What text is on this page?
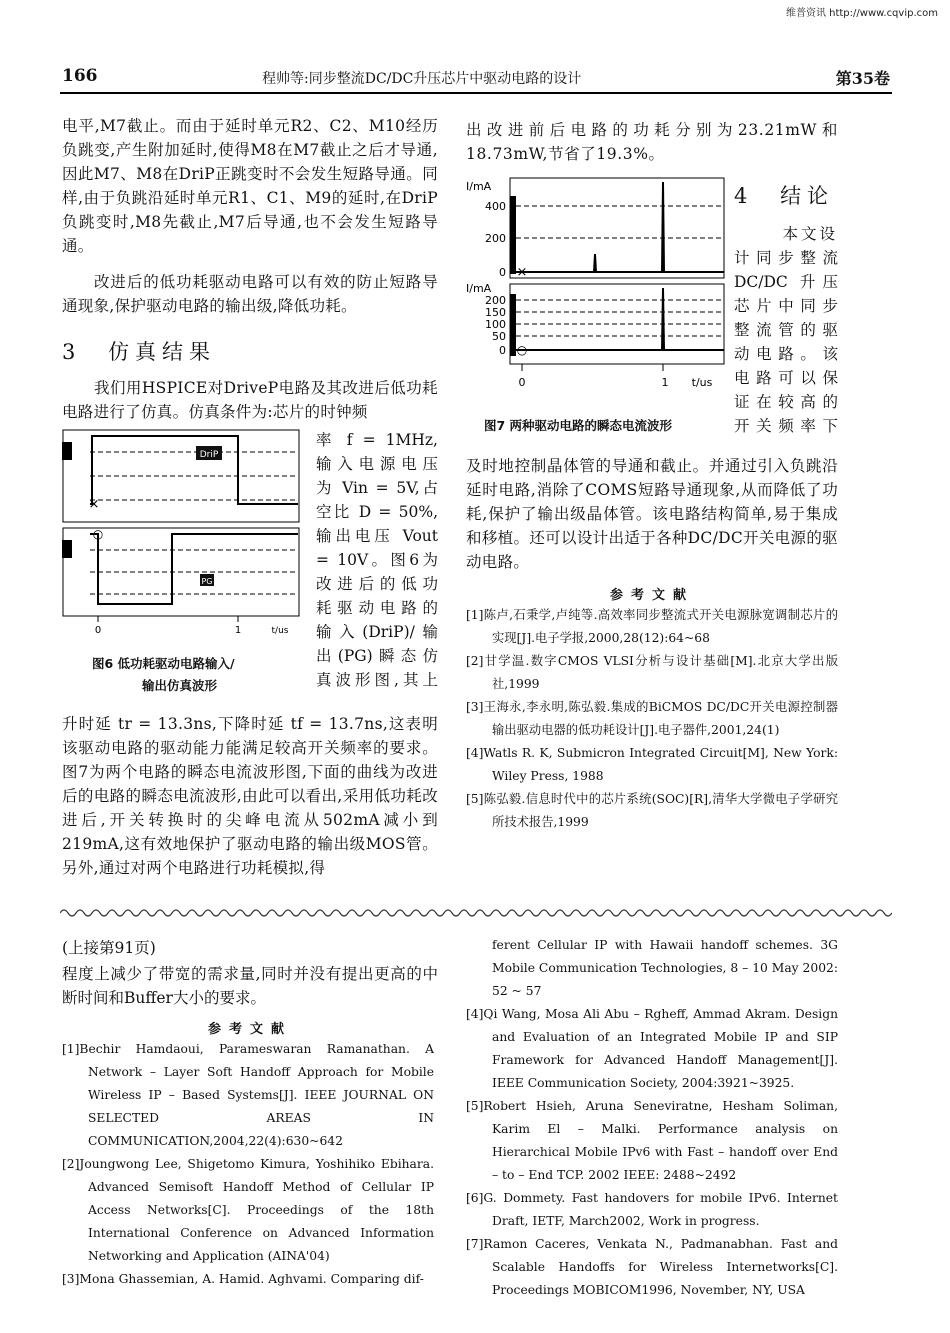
维普资讯 http://www.cqvip.com
166	程帅等:同步整流DC/DC升压芯片中驱动电路的设计	第35卷

电平,M7截止。而由于延时单元R2、C2、M10经历负跳变,产生附加延时,使得M8在M7截止之后才导通,因此M7、M8在DriP正跳变时不会发生短路导通。同样,由于负跳沿延时单元R1、C1、M9的延时,在DriP负跳变时,M8先截止,M7后导通,也不会发生短路导通。

改进后的低功耗驱动电路可以有效的防止短路导通现象,保护驱动电路的输出级,降低功耗。

3 仿真结果

我们用HSPICE对DriveP电路及其改进后低功耗电路进行了仿真。仿真条件为:芯片的时钟频

DriP
×
PG
○
0	1	t/us
图6 低功耗驱动电路输入/
输出仿真波形
率 f = 1MHz,
输入电源电压
为 Vin = 5V,占
空比 D = 50%,
输出电压 Vout
= 10V。图6为
改进后的低功
耗驱动电路的
输入(DriP)/输
出(PG)瞬态仿
真波形图,其上

升时延 tr = 13.3ns,下降时延 tf = 13.7ns,这表明该驱动电路的驱动能力能满足较高开关频率的要求。图7为两个电路的瞬态电流波形图,下面的曲线为改进后的电路的瞬态电流波形,由此可以看出,采用低功耗改进后,开关转换时的尖峰电流从502mA减小到219mA,这有效地保护了驱动电路的输出级MOS管。另外,通过对两个电路进行功耗模拟,得

出改进前后电路的功耗分别为23.21mW和18.73mW,节省了19.3%。

I/mA
400
200
0 ×
I/mA
200
150
100
50
0 ○
0	1 t/us
图7 两种驱动电路的瞬态电流波形
4 结论
本文设
计同步整流
DC/DC 升压
芯片中同步
整流管的驱
动电路。该
电路可以保
证在较高的
开关频率下

及时地控制晶体管的导通和截止。并通过引入负跳沿延时电路,消除了COMS短路导通现象,从而降低了功耗,保护了输出级晶体管。该电路结构简单,易于集成和移植。还可以设计出适于各种DC/DC开关电源的驱动电路。

参考文献

[1]陈卢,石秉学,卢纯等.高效率同步整流式开关电源脉宽调制芯片的实现[J].电子学报,2000,28(12):64~68

[2]甘学温.数字CMOS VLSI分析与设计基础[M].北京大学出版社,1999

[3]王海永,李永明,陈弘毅.集成的BiCMOS DC/DC开关电源控制器输出驱动电器的低功耗设计[J].电子器件,2001,24(1)

[4]Watls R. K, Submicron Integrated Circuit[M], New York: Wiley Press, 1988

[5]陈弘毅.信息时代中的芯片系统(SOC)[R],清华大学微电子学研究所技术报告,1999

(上接第91页)

程度上减少了带宽的需求量,同时并没有提出更高的中断时间和Buffer大小的要求。

参考文献

[1]Bechir Hamdaoui, Parameswaran Ramanathan. A Network – Layer Soft Handoff Approach for Mobile Wireless IP – Based Systems[J]. IEEE JOURNAL ON SELECTED AREAS IN COMMUNICATION,2004,22(4):630~642

[2]Joungwong Lee, Shigetomo Kimura, Yoshihiko Ebihara. Advanced Semisoft Handoff Method of Cellular IP Access Networks[C]. Proceedings of the 18th International Conference on Advanced Information Networking and Application (AINA'04)

[3]Mona Ghassemian, A. Hamid. Aghvami. Comparing dif-

ferent Cellular IP with Hawaii handoff schemes. 3G Mobile Communication Technologies, 8 – 10 May 2002: 52 ~ 57

[4]Qi Wang, Mosa Ali Abu – Rgheff, Ammad Akram. Design and Evaluation of an Integrated Mobile IP and SIP Framework for Advanced Handoff Management[J]. IEEE Communication Society, 2004:3921~3925.

[5]Robert Hsieh, Aruna Seneviratne, Hesham Soliman, Karim El – Malki. Performance analysis on Hierarchical Mobile IPv6 with Fast – handoff over End – to – End TCP. 2002 IEEE: 2488~2492

[6]G. Dommety. Fast handovers for mobile IPv6. Internet Draft, IETF, March2002, Work in progress.

[7]Ramon Caceres, Venkata N., Padmanabhan. Fast and Scalable Handoffs for Wireless Internetworks[C]. Proceedings MOBICOM1996, November, NY, USA
